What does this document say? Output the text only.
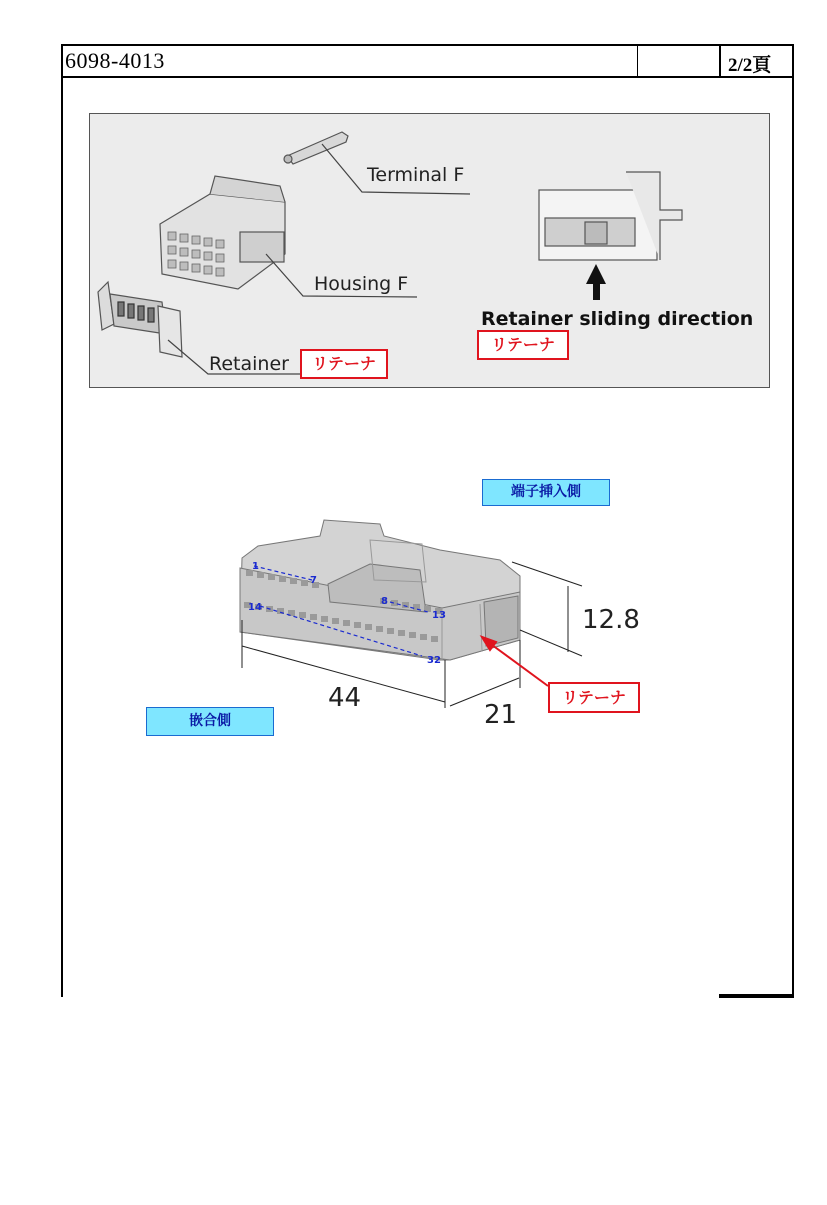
6098-4013	2/2頁
Terminal F
Housing F
Retainer	リテーナ
Retainer sliding direction
リテーナ
端子挿入側
1
7
8
13
14
32
44
21
12.8
リテーナ
嵌合側
